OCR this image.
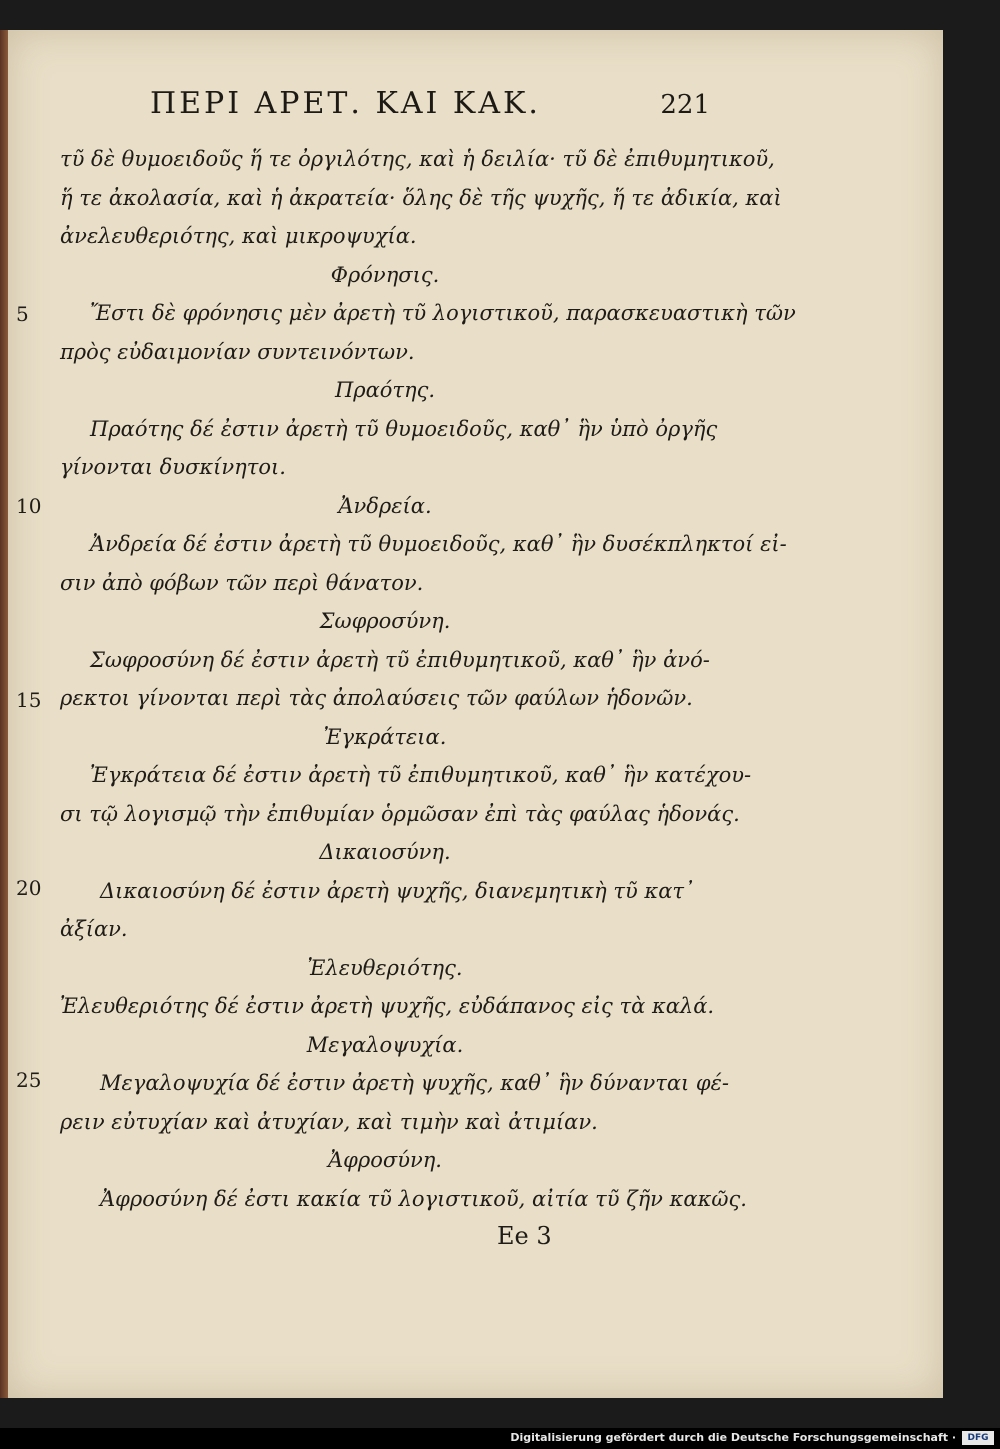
ΠΕΡΙ ΑΡΕΤ. ΚΑΙ ΚΑΚ.	221
5
10
15
20
25
τῦ δὲ θυμοειδοῦς ἥ τε ὀργιλότης, καὶ ἡ δειλία· τῦ δὲ ἐπιθυμητικοῦ,
ἥ τε ἀκολασία, καὶ ἡ ἀκρατεία· ὅλης δὲ τῆς ψυχῆς, ἥ τε ἀδικία, καὶ
ἀνελευθεριότης, καὶ μικροψυχία.
Φρόνησις.
Ἔστι δὲ φρόνησις μὲν ἀρετὴ τῦ λογιστικοῦ, παρασκευαστικὴ τῶν
πρὸς εὐδαιμονίαν συντεινόντων.
Πραότης.
Πραότης δέ ἐστιν ἀρετὴ τῦ θυμοειδοῦς, καθ᾽ ἣν ὑπὸ ὀργῆς
γίνονται δυσκίνητοι.
Ἀνδρεία.
Ἀνδρεία δέ ἐστιν ἀρετὴ τῦ θυμοειδοῦς, καθ᾽ ἣν δυσέκπληκτοί εἰ-
σιν ἀπὸ φόβων τῶν περὶ θάνατον.
Σωφροσύνη.
Σωφροσύνη δέ ἐστιν ἀρετὴ τῦ ἐπιθυμητικοῦ, καθ᾽ ἣν ἀνό-
ρεκτοι γίνονται περὶ τὰς ἀπολαύσεις τῶν φαύλων ἡδονῶν.
Ἐγκράτεια.
Ἐγκράτεια δέ ἐστιν ἀρετὴ τῦ ἐπιθυμητικοῦ, καθ᾽ ἣν κατέχου-
σι τῷ λογισμῷ τὴν ἐπιθυμίαν ὁρμῶσαν ἐπὶ τὰς φαύλας ἡδονάς.
Δικαιοσύνη.
Δικαιοσύνη δέ ἐστιν ἀρετὴ ψυχῆς, διανεμητικὴ τῦ κατ᾽
ἀξίαν.
Ἐλευθεριότης.
Ἐλευθεριότης δέ ἐστιν ἀρετὴ ψυχῆς, εὐδάπανος εἰς τὰ καλά.
Μεγαλοψυχία.
Μεγαλοψυχία δέ ἐστιν ἀρετὴ ψυχῆς, καθ᾽ ἣν δύνανται φέ-
ρειν εὐτυχίαν καὶ ἀτυχίαν, καὶ τιμὴν καὶ ἀτιμίαν.
Ἀφροσύνη.
Ἀφροσύνη δέ ἐστι κακία τῦ λογιστικοῦ, αἰτία τῦ ζῆν κακῶς.
Ee 3
Digitalisierung gefördert durch die Deutsche Forschungsgemeinschaft ·	DFG
